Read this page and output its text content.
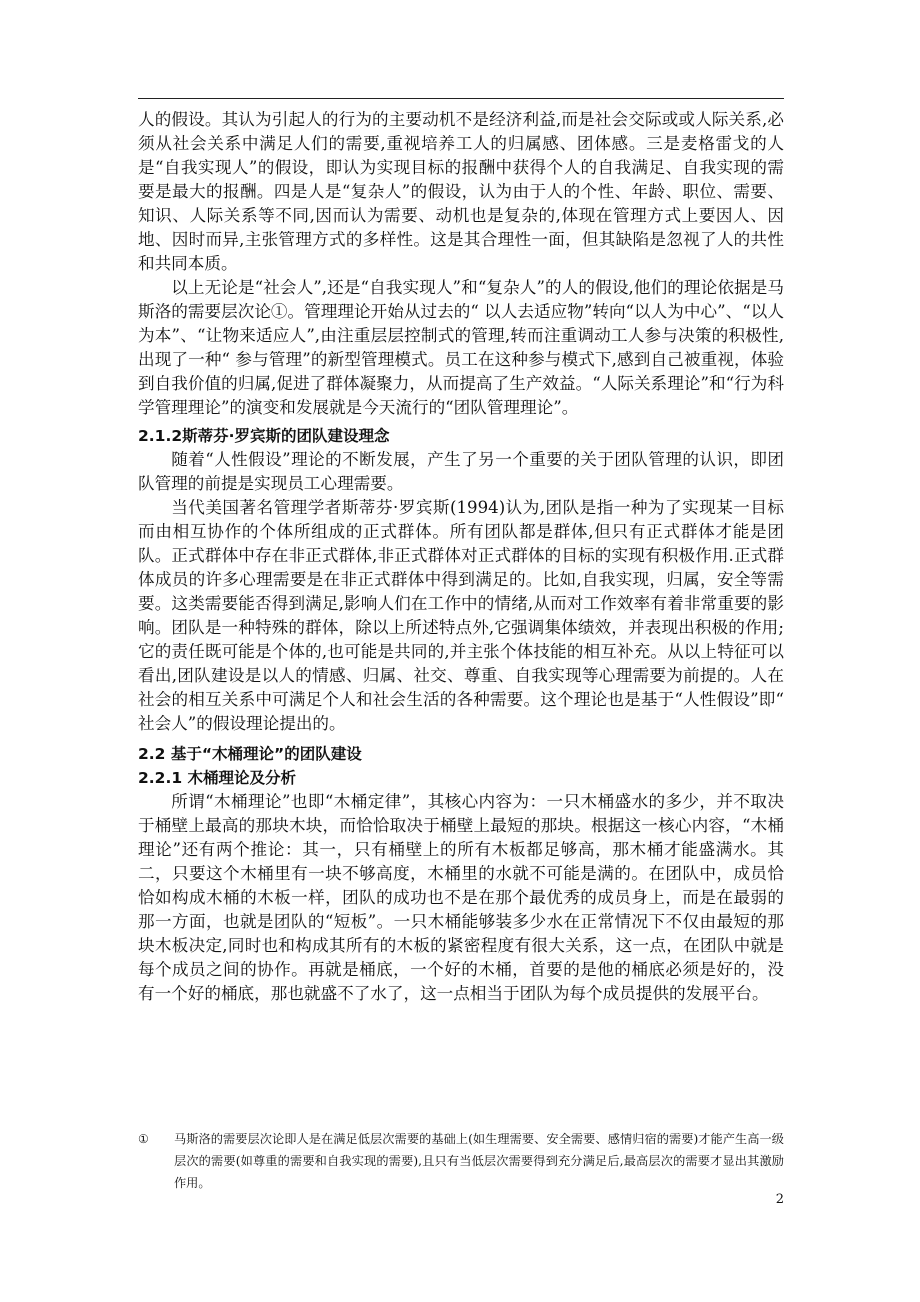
人的假设。其认为引起人的行为的主要动机不是经济利益,而是社会交际或或人际关系,必须从社会关系中满足人们的需要,重视培养工人的归属感、团体感。三是麦格雷戈的人是“自我实现人”的假设，即认为实现目标的报酬中获得个人的自我满足、自我实现的需要是最大的报酬。四是人是“复杂人”的假设，认为由于人的个性、年龄、职位、需要、知识、人际关系等不同,因而认为需要、动机也是复杂的,体现在管理方式上要因人、因地、因时而异,主张管理方式的多样性。这是其合理性一面，但其缺陷是忽视了人的共性和共同本质。

以上无论是“社会人”,还是“自我实现人”和“复杂人”的人的假设,他们的理论依据是马斯洛的需要层次论①。管理理论开始从过去的“ 以人去适应物”转向“以人为中心”、“以人为本”、“让物来适应人”,由注重层层控制式的管理,转而注重调动工人参与决策的积极性,出现了一种“ 参与管理”的新型管理模式。员工在这种参与模式下,感到自己被重视，体验到自我价值的归属,促进了群体凝聚力，从而提高了生产效益。“人际关系理论”和“行为科学管理理论”的演变和发展就是今天流行的“团队管理理论”。

2.1.2斯蒂芬·罗宾斯的团队建设理念

随着“人性假设”理论的不断发展，产生了另一个重要的关于团队管理的认识，即团队管理的前提是实现员工心理需要。

当代美国著名管理学者斯蒂芬·罗宾斯(1994)认为,团队是指一种为了实现某一目标而由相互协作的个体所组成的正式群体。所有团队都是群体,但只有正式群体才能是团队。正式群体中存在非正式群体,非正式群体对正式群体的目标的实现有积极作用.正式群体成员的许多心理需要是在非正式群体中得到满足的。比如,自我实现，归属，安全等需要。这类需要能否得到满足,影响人们在工作中的情绪,从而对工作效率有着非常重要的影响。团队是一种特殊的群体，除以上所述特点外,它强调集体绩效，并表现出积极的作用;它的责任既可能是个体的,也可能是共同的,并主张个体技能的相互补充。从以上特征可以看出,团队建设是以人的情感、归属、社交、尊重、自我实现等心理需要为前提的。人在社会的相互关系中可满足个人和社会生活的各种需要。这个理论也是基于“人性假设”即“ 社会人”的假设理论提出的。

2.2 基于“木桶理论”的团队建设
2.2.1 木桶理论及分析

所谓“木桶理论”也即“木桶定律”，其核心内容为：一只木桶盛水的多少，并不取决于桶壁上最高的那块木块，而恰恰取决于桶壁上最短的那块。根据这一核心内容，“木桶理论”还有两个推论：其一，只有桶壁上的所有木板都足够高，那木桶才能盛满水。其二，只要这个木桶里有一块不够高度，木桶里的水就不可能是满的。在团队中，成员恰恰如构成木桶的木板一样，团队的成功也不是在那个最优秀的成员身上，而是在最弱的那一方面，也就是团队的“短板”。一只木桶能够装多少水在正常情况下不仅由最短的那块木板决定,同时也和构成其所有的木板的紧密程度有很大关系，这一点，在团队中就是每个成员之间的协作。再就是桶底，一个好的木桶，首要的是他的桶底必须是好的，没有一个好的桶底，那也就盛不了水了，这一点相当于团队为每个成员提供的发展平台。

①	马斯洛的需要层次论即人是在满足低层次需要的基础上(如生理需要、安全需要、感情归宿的需要)才能产生高一级层次的需要(如尊重的需要和自我实现的需要),且只有当低层次需要得到充分满足后,最高层次的需要才显出其激励作用。
2
